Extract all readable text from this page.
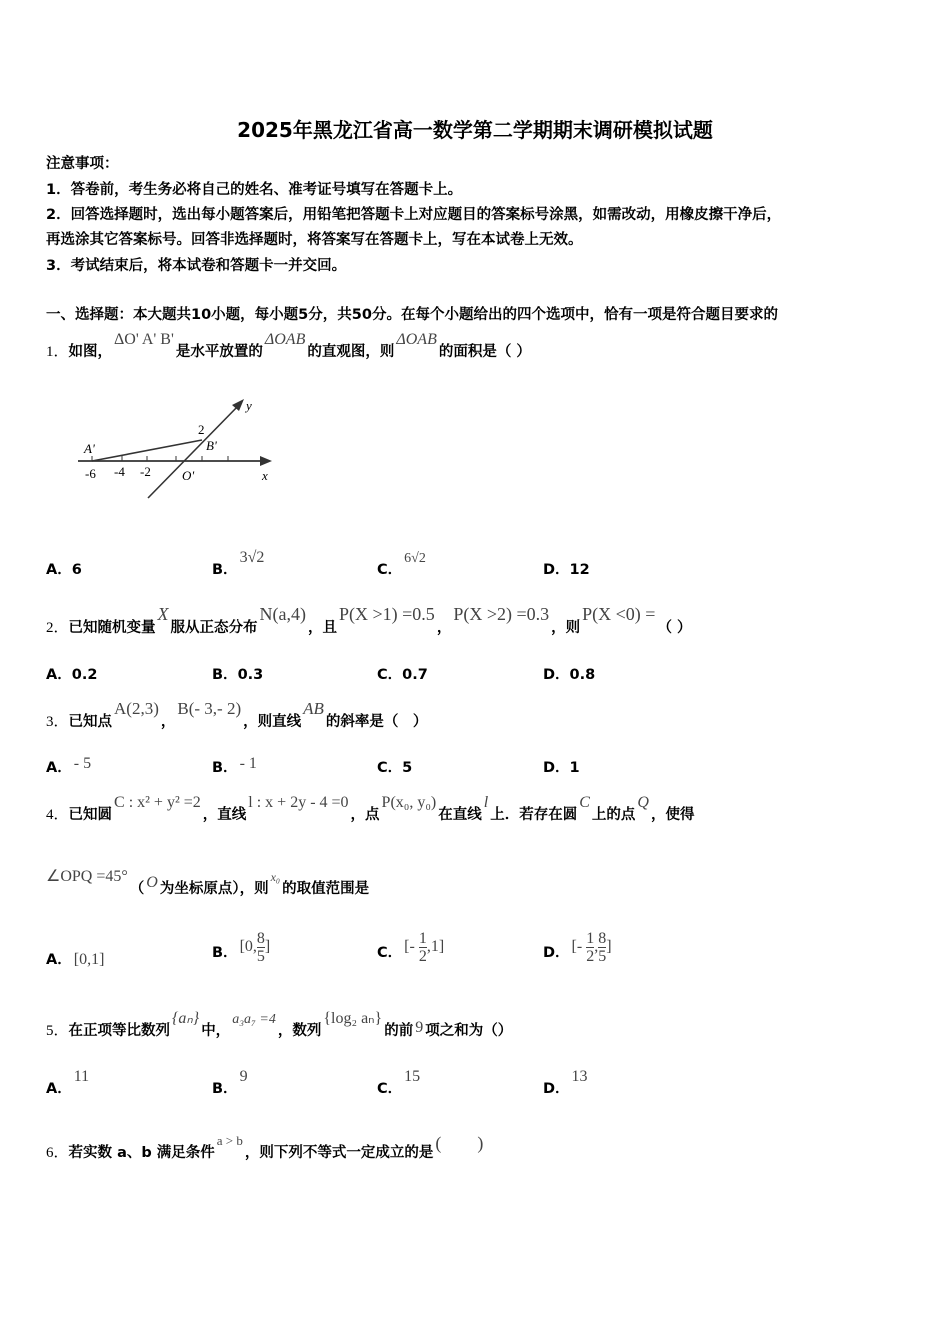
2025年黑龙江省高一数学第二学期期末调研模拟试题
注意事项：
1．答卷前，考生务必将自己的姓名、准考证号填写在答题卡上。
2．回答选择题时，选出每小题答案后，用铅笔把答题卡上对应题目的答案标号涂黑，如需改动，用橡皮擦干净后，
再选涂其它答案标号。回答非选择题时，将答案写在答题卡上，写在本试卷上无效。
3．考试结束后，将本试卷和答题卡一并交回。
一、选择题：本大题共10小题，每小题5分，共50分。在每个小题给出的四个选项中，恰有一项是符合题目要求的
1．如图，ΔO' A' B'是水平放置的ΔOAB的直观图，则ΔOAB的面积是（ ）
-6 -4 -2
A'	B'
O'
2
x
y
A．6	B．3√2
C．6√2
D．12
2．已知随机变量X服从正态分布N(a,4)，且P(X >1) =0.5，P(X >2) =0.3，则P(X <0) =（ ）
A．0.2	B．0.3	C．0.7	D．0.8
3．已知点A(2,3)，B(- 3,- 2)，则直线AB的斜率是（　）
A． - 5	B． - 1	C．5	D．1
4．已知圆C : x² + y² =2，直线l : x + 2y - 4 =0，点P(x₀, y₀)在直线l上．若存在圆C上的点Q，使得
∠OPQ =45°（ O 为坐标原点），则$^{x_0}$的取值范围是
A． [0,1]	B． [0, $\frac{8}{5}$ ]	C． [- $\frac{1}{2} ,1$]	D． [- $\frac{1}{2}$ , $\frac{8}{5}$ ]
5．在正项等比数列{aₙ}中，a₃a₇ =4，数列{log₂ aₙ}的前 9 项之和为（）
A．11
B．9
C．15
D．13
6．若实数 a、b 满足条件a > b，则下列不等式一定成立的是 (　　)
